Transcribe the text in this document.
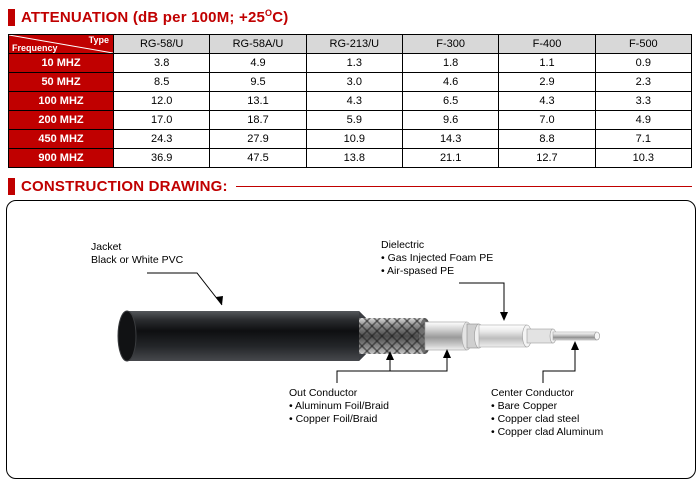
ATTENUATION (dB per 100M; $+25^OC$)
Type
Frequency	RG-58/U	RG-58A/U	RG-213/U	F-300	F-400	F-500
10 MHZ	3.8	4.9	1.3	1.8	1.1	0.9
50 MHZ	8.5	9.5	3.0	4.6	2.9	2.3
100 MHZ	12.0	13.1	4.3	6.5	4.3	3.3
200 MHZ	17.0	18.7	5.9	9.6	7.0	4.9
450 MHZ	24.3	27.9	10.9	14.3	8.8	7.1
900 MHZ	36.9	47.5	13.8	21.1	12.7	10.3
CONSTRUCTION DRAWING:
Jacket
Black or White PVC
Dielectric
• Gas Injected Foam PE
• Air-spased PE
Out Conductor
• Aluminum Foil/Braid
• Copper Foil/Braid
Center Conductor
• Bare Copper
• Copper clad steel
• Copper clad Aluminum
